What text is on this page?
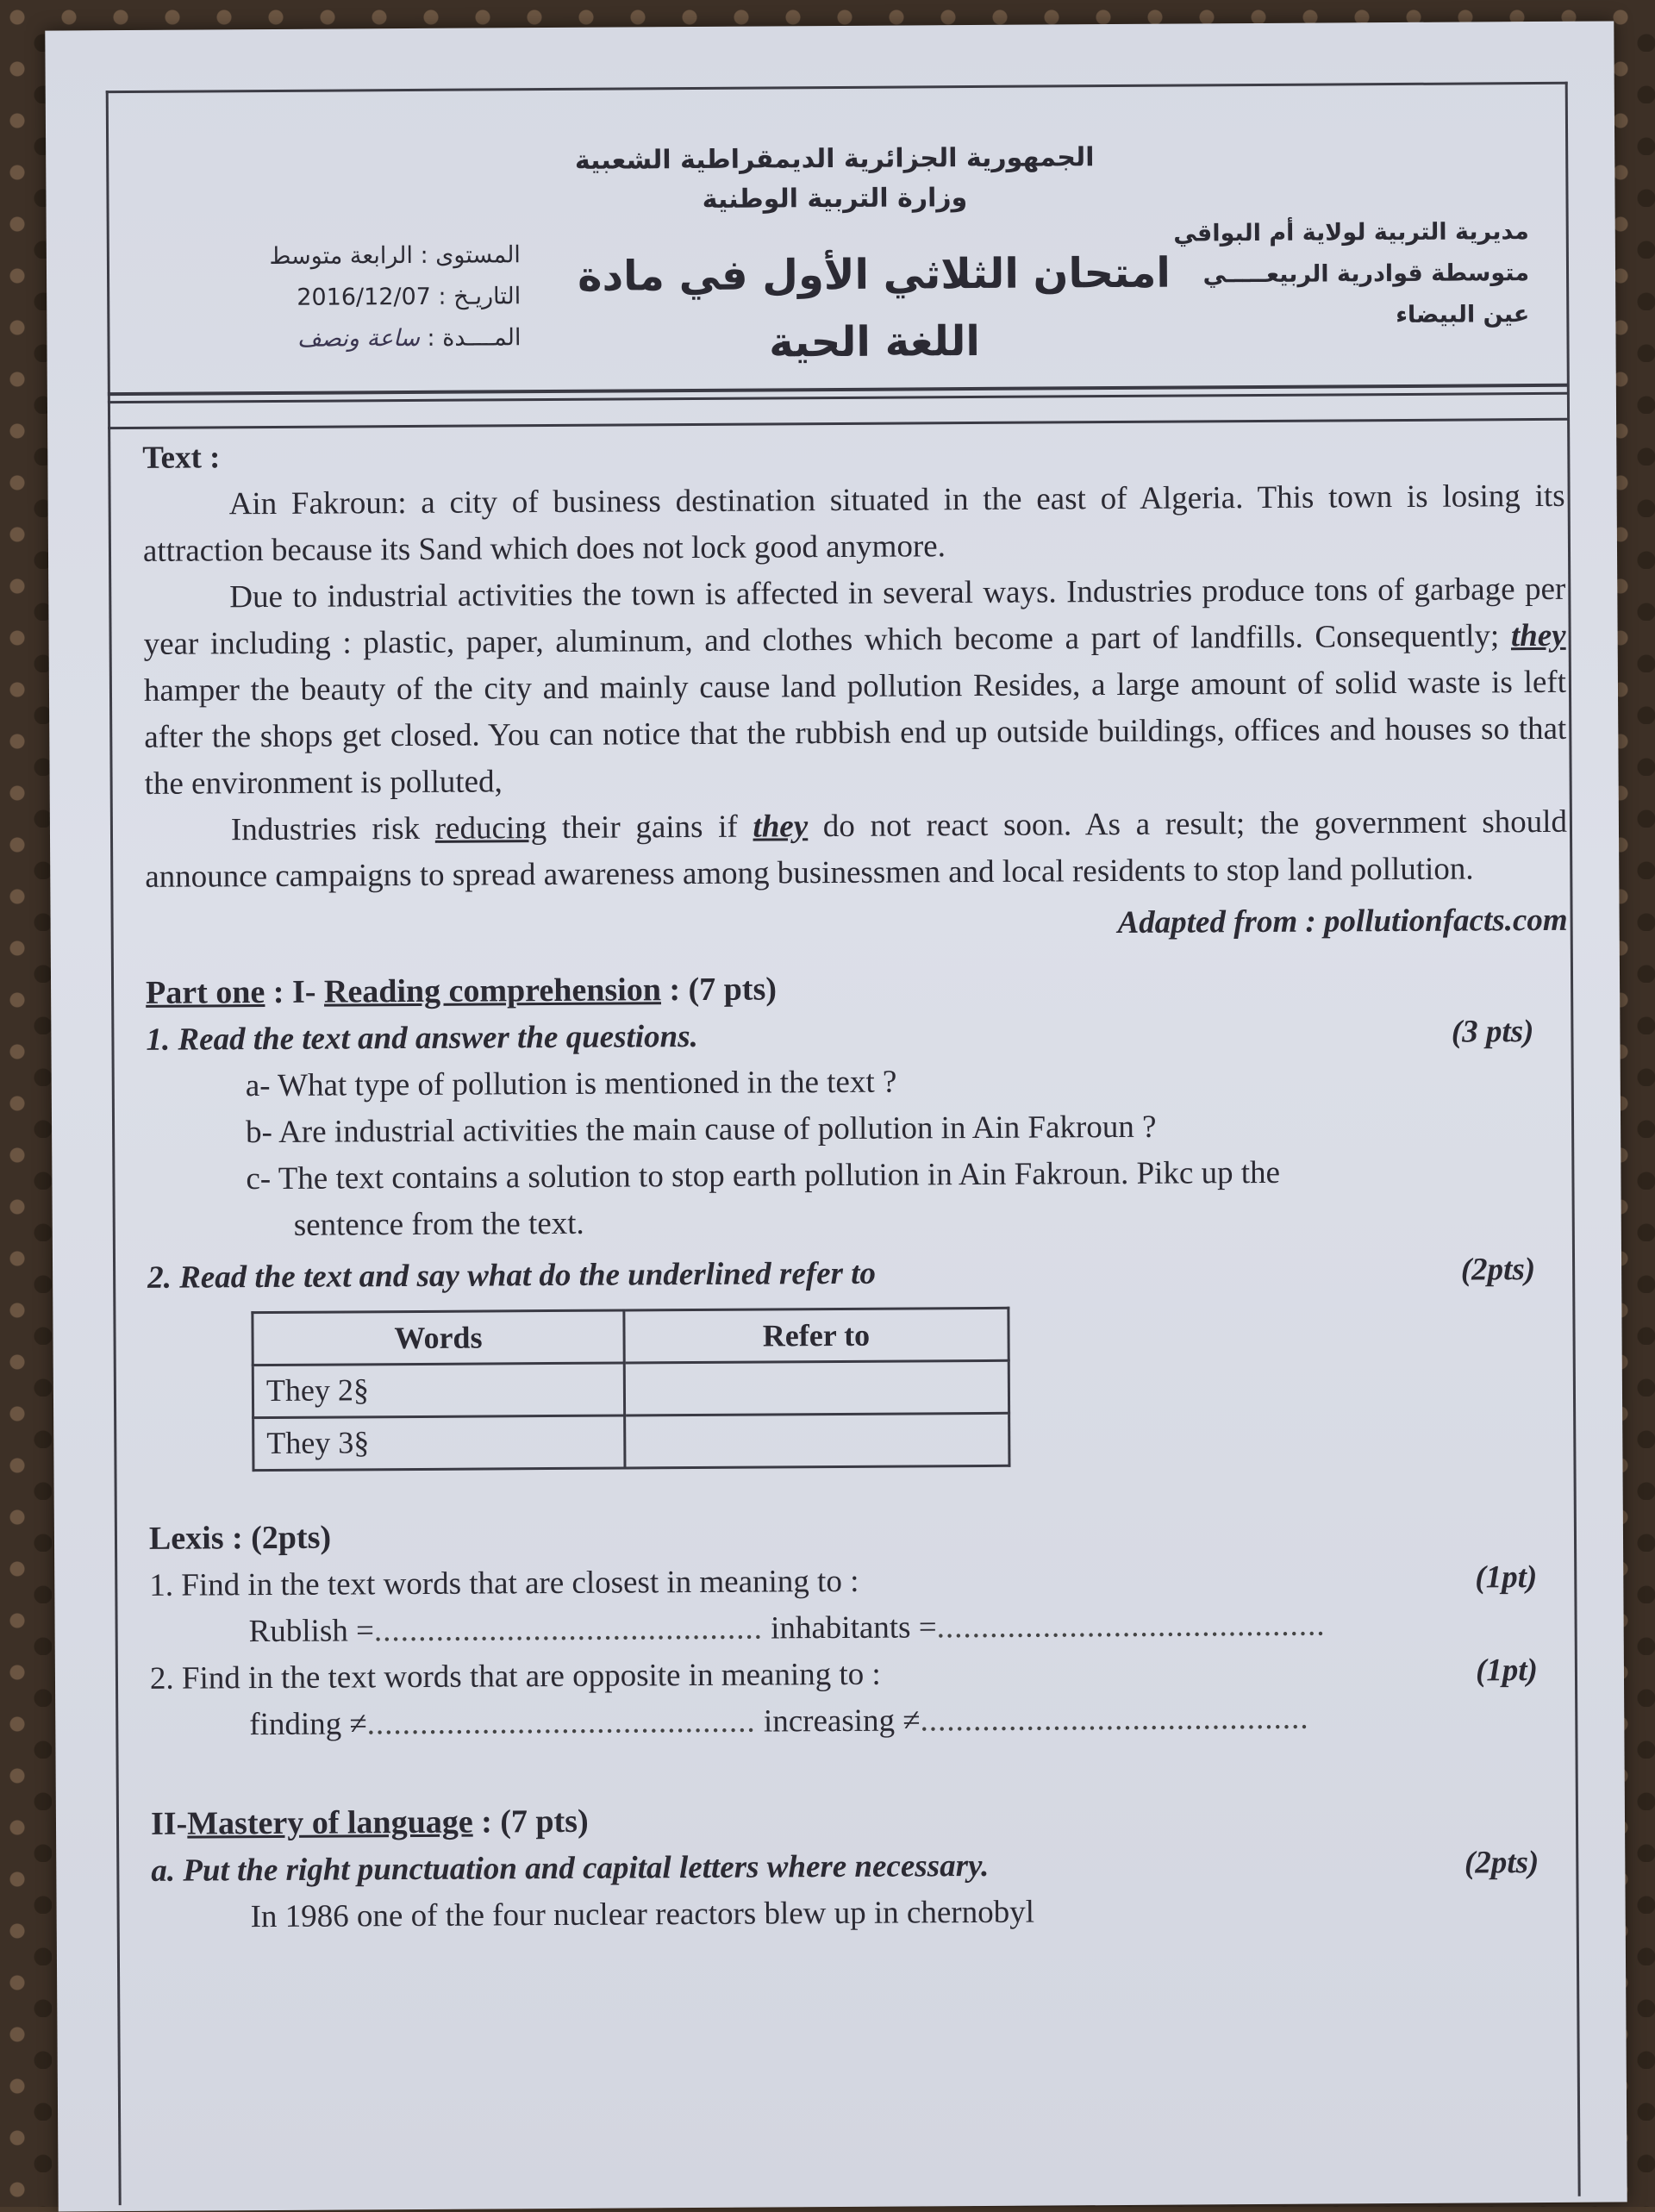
الجمهورية الجزائرية الديمقراطية الشعبية
وزارة التربية الوطنية
مديرية التربية لولاية أم البواقي
متوسطة قوادرية الربيعـــــي
عين البيضاء
امتحان الثلاثي الأول في مادة
اللغة الحية
المستوى : الرابعة متوسط
التاريـخ : 2016/12/07
المــــدة : ساعة ونصف
Text :

Ain Fakroun: a city of business destination situated in the east of Algeria. This town is losing its attraction because its Sand which does not lock good anymore.

Due to industrial activities the town is affected in several ways. Industries produce tons of garbage per year including : plastic, paper, aluminum, and clothes which become a part of landfills. Consequently; they hamper the beauty of the city and mainly cause land pollution Resides, a large amount of solid waste is left after the shops get closed. You can notice that the rubbish end up outside buildings, offices and houses so that the environment is polluted,

Industries risk reducing their gains if they do not react soon. As a result; the government should announce campaigns to spread awareness among businessmen and local residents to stop land pollution.

Adapted from : pollutionfacts.com
Part one : I- Reading comprehension : (7 pts)
1. Read the text and answer the questions.	(3 pts)
a- What type of pollution is mentioned in the text ?
b- Are industrial activities the main cause of pollution in Ain Fakroun ?
c- The text contains a solution to stop earth pollution in Ain Fakroun. Pikc up the
sentence from the text.
2. Read the text and say what do the underlined refer to	(2pts)
Words	Refer to
They 2§	
They 3§	
Lexis : (2pts)
1. Find in the text words that are closest in meaning to :	(1pt)
Rublish =............................................ inhabitants =............................................
2. Find in the text words that are opposite in meaning to :	(1pt)
finding ≠............................................ increasing ≠............................................
II-Mastery of language : (7 pts)
a. Put the right punctuation and capital letters where necessary.	(2pts)
In 1986 one of the four nuclear reactors blew up in chernobyl
